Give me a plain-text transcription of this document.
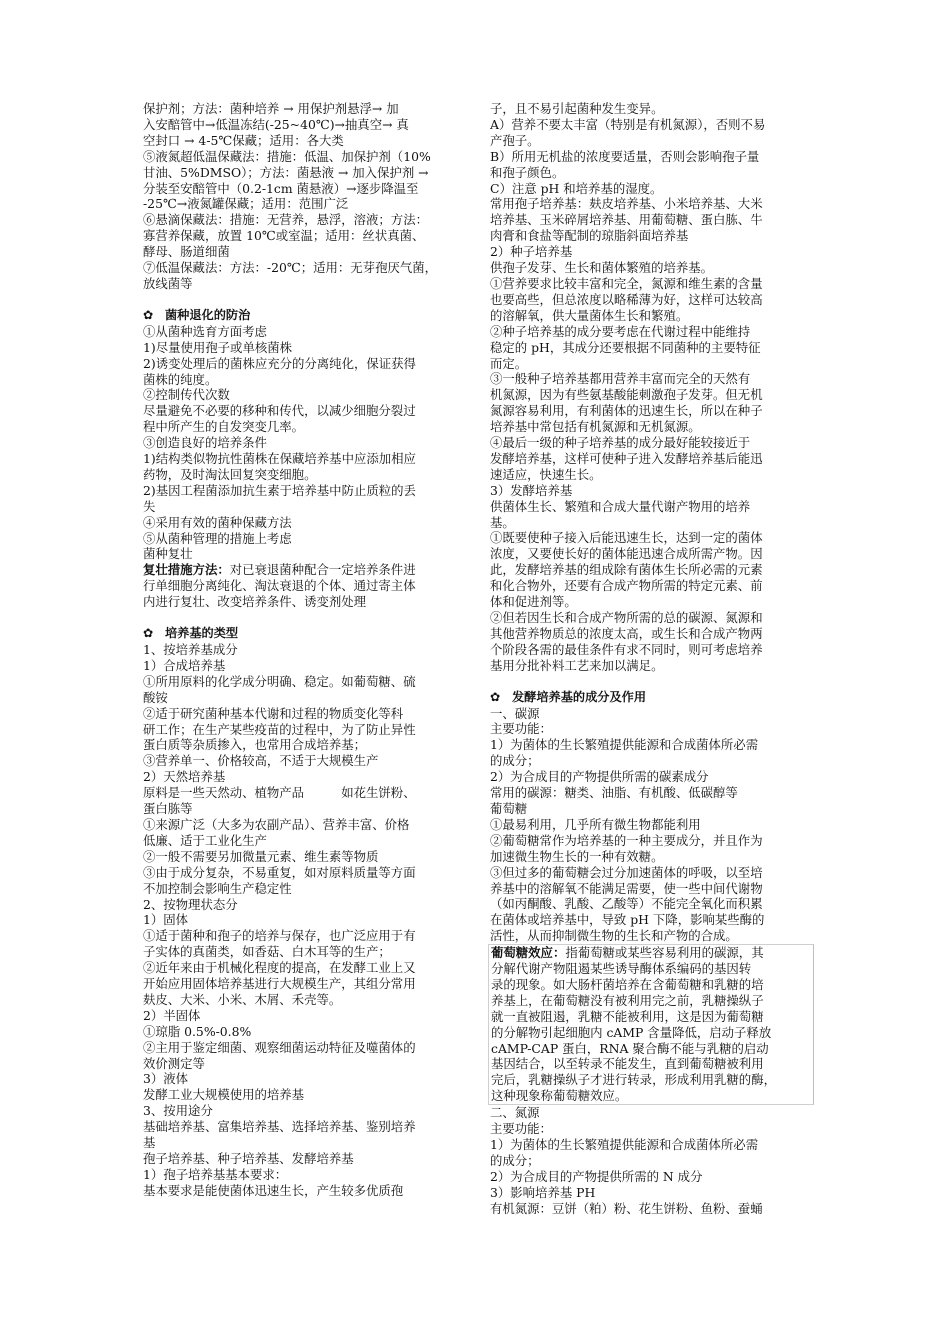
保护剂；方法：菌种培养 → 用保护剂悬浮→ 加
入安醅管中→低温冻结(-25~40℃)→抽真空→ 真
空封口 → 4-5℃保藏；适用：各大类
⑤液氮超低温保藏法：措施：低温、加保护剂（10%
甘油、5%DMSO）；方法：菌悬液 → 加入保护剂 →
分装至安醅管中（0.2-1cm 菌悬液）→逐步降温至
-25℃→液氮罐保藏；适用：范围广泛
⑥悬滴保藏法：措施：无营养，悬浮，溶液；方法：
寡营养保藏，放置 10℃或室温；适用：丝状真菌、
酵母、肠道细菌
⑦低温保藏法：方法：-20℃；适用：无芽孢厌气菌，
放线菌等
✿ 菌种退化的防治
①从菌种选育方面考虑
1)尽量使用孢子或单核菌株
2)诱变处理后的菌株应充分的分离纯化，保证获得
菌株的纯度。
②控制传代次数
尽量避免不必要的移种和传代，以减少细胞分裂过
程中所产生的自发突变几率。
③创造良好的培养条件
1)结构类似物抗性菌株在保藏培养基中应添加相应
药物，及时淘汰回复突变细胞。
2)基因工程菌添加抗生素于培养基中防止质粒的丢
失
④采用有效的菌种保藏方法
⑤从菌种管理的措施上考虑
菌种复壮
复壮措施方法：对已衰退菌种配合一定培养条件进
行单细胞分离纯化、淘汰衰退的个体、通过寄主体
内进行复壮、改变培养条件、诱变剂处理
✿ 培养基的类型
1、按培养基成分
1）合成培养基
①所用原料的化学成分明确、稳定。如葡萄糖、硫
酸铵
②适于研究菌种基本代谢和过程的物质变化等科
研工作；在生产某些疫苗的过程中，为了防止异性
蛋白质等杂质掺入，也常用合成培养基；
③营养单一、价格较高，不适于大规模生产
2）天然培养基
原料是一些天然动、植物产品　　　如花生饼粉、
蛋白胨等
①来源广泛（大多为农副产品）、营养丰富、价格
低廉、适于工业化生产
②一般不需要另加微量元素、维生素等物质
③由于成分复杂，不易重复，如对原料质量等方面
不加控制会影响生产稳定性
2、按物理状态分
1）固体
①适于菌种和孢子的培养与保存，也广泛应用于有
子实体的真菌类，如香菇、白木耳等的生产；
②近年来由于机械化程度的提高，在发酵工业上又
开始应用固体培养基进行大规模生产，其组分常用
麸皮、大米、小米、木屑、禾壳等。
2）半固体
①琼脂 0.5%-0.8%
②主用于鉴定细菌、观察细菌运动特征及噬菌体的
效价测定等
3）液体
发酵工业大规模使用的培养基
3、按用途分
基础培养基、富集培养基、选择培养基、鉴别培养
基
孢子培养基、种子培养基、发酵培养基
1）孢子培养基基本要求：
基本要求是能使菌体迅速生长，产生较多优质孢
子，且不易引起菌种发生变异。
A）营养不要太丰富（特别是有机氮源），否则不易
产孢子。
B）所用无机盐的浓度要适量，否则会影响孢子量
和孢子颜色。
C）注意 pH 和培养基的湿度。
常用孢子培养基：麸皮培养基、小米培养基、大米
培养基、玉米碎屑培养基、用葡萄糖、蛋白胨、牛
肉膏和食盐等配制的琼脂斜面培养基
2）种子培养基
供孢子发芽、生长和菌体繁殖的培养基。
①营养要求比较丰富和完全，氮源和维生素的含量
也要高些，但总浓度以略稀薄为好，这样可达较高
的溶解氧，供大量菌体生长和繁殖。
②种子培养基的成分要考虑在代谢过程中能维持
稳定的 pH，其成分还要根据不同菌种的主要特征
而定。
③一般种子培养基都用营养丰富而完全的天然有
机氮源，因为有些氨基酸能刺激孢子发芽。但无机
氮源容易利用，有利菌体的迅速生长，所以在种子
培养基中常包括有机氮源和无机氮源。
④最后一级的种子培养基的成分最好能较接近于
发酵培养基，这样可使种子进入发酵培养基后能迅
速适应，快速生长。
3）发酵培养基
供菌体生长、繁殖和合成大量代谢产物用的培养
基。
①既要使种子接入后能迅速生长，达到一定的菌体
浓度，又要使长好的菌体能迅速合成所需产物。因
此，发酵培养基的组成除有菌体生长所必需的元素
和化合物外，还要有合成产物所需的特定元素、前
体和促进剂等。
②但若因生长和合成产物所需的总的碳源、氮源和
其他营养物质总的浓度太高，或生长和合成产物两
个阶段各需的最佳条件有求不同时，则可考虑培养
基用分批补料工艺来加以满足。
✿ 发酵培养基的成分及作用
一、碳源
主要功能：
1）为菌体的生长繁殖提供能源和合成菌体所必需
的成分；
2）为合成目的产物提供所需的碳素成分
常用的碳源：糖类、油脂、有机酸、低碳醇等
葡萄糖
①最易利用，几乎所有微生物都能利用
②葡萄糖常作为培养基的一种主要成分，并且作为
加速微生物生长的一种有效糖。
③但过多的葡萄糖会过分加速菌体的呼吸，以至培
养基中的溶解氧不能满足需要，使一些中间代谢物
（如丙酮酸、乳酸、乙酸等）不能完全氧化而积累
在菌体或培养基中，导致 pH 下降，影响某些酶的
活性，从而抑制微生物的生长和产物的合成。
葡萄糖效应：指葡萄糖或某些容易利用的碳源，其
分解代谢产物阻遏某些诱导酶体系编码的基因转
录的现象。如大肠杆菌培养在含葡萄糖和乳糖的培
养基上，在葡萄糖没有被利用完之前，乳糖操纵子
就一直被阻遏，乳糖不能被利用，这是因为葡萄糖
的分解物引起细胞内 cAMP 含量降低，启动子释放
cAMP-CAP 蛋白，RNA 聚合酶不能与乳糖的启动
基因结合，以至转录不能发生，直到葡萄糖被利用
完后，乳糖操纵子才进行转录，形成利用乳糖的酶，
这种现象称葡萄糖效应。
二、氮源
主要功能：
1）为菌体的生长繁殖提供能源和合成菌体所必需
的成分；
2）为合成目的产物提供所需的 N 成分
3）影响培养基 PH
有机氮源：豆饼（粕）粉、花生饼粉、鱼粉、蚕蛹
